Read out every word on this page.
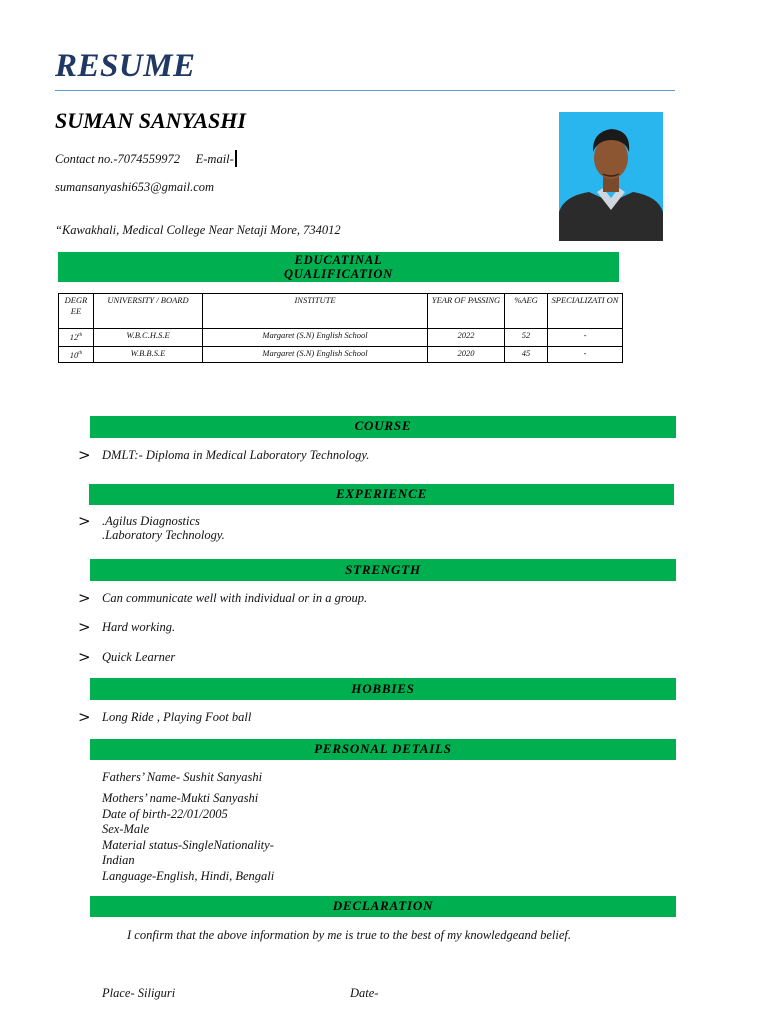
RESUME
SUMAN SANYASHI
Contact no.-7074559972 E-mail-
sumansanyashi653@gmail.com
“Kawakhali, Medical College Near Netaji More, 734012
EDUCATINAL
QUALIFICATION
DEGR EE	UNIVERSITY / BOARD	INSTITUTE	YEAR OF PASSING	%AEG	SPECIALIZATI ON
12th	W.B.C.H.S.E	Margaret (S.N) English School	2022	52	-
10th	W.B.B.S.E	Margaret (S.N) English School	2020	45	-
COURSE
> DMLT:- Diploma in Medical Laboratory Technology.
EXPERIENCE
> .Agilus Diagnostics
.Laboratory Technology.
STRENGTH
> Can communicate well with individual or in a group.
> Hard working.
> Quick Learner
HOBBIES
> Long Ride , Playing Foot ball
PERSONAL DETAILS
Fathers’ Name- Sushit Sanyashi
Mothers’ name-Mukti Sanyashi
Date of birth-22/01/2005
Sex-Male
Material status-SingleNationality-
Indian
Language-English, Hindi, Bengali
DECLARATION
I confirm that the above information by me is true to the best of my knowledgeand belief.
Place- Siliguri	Date-
